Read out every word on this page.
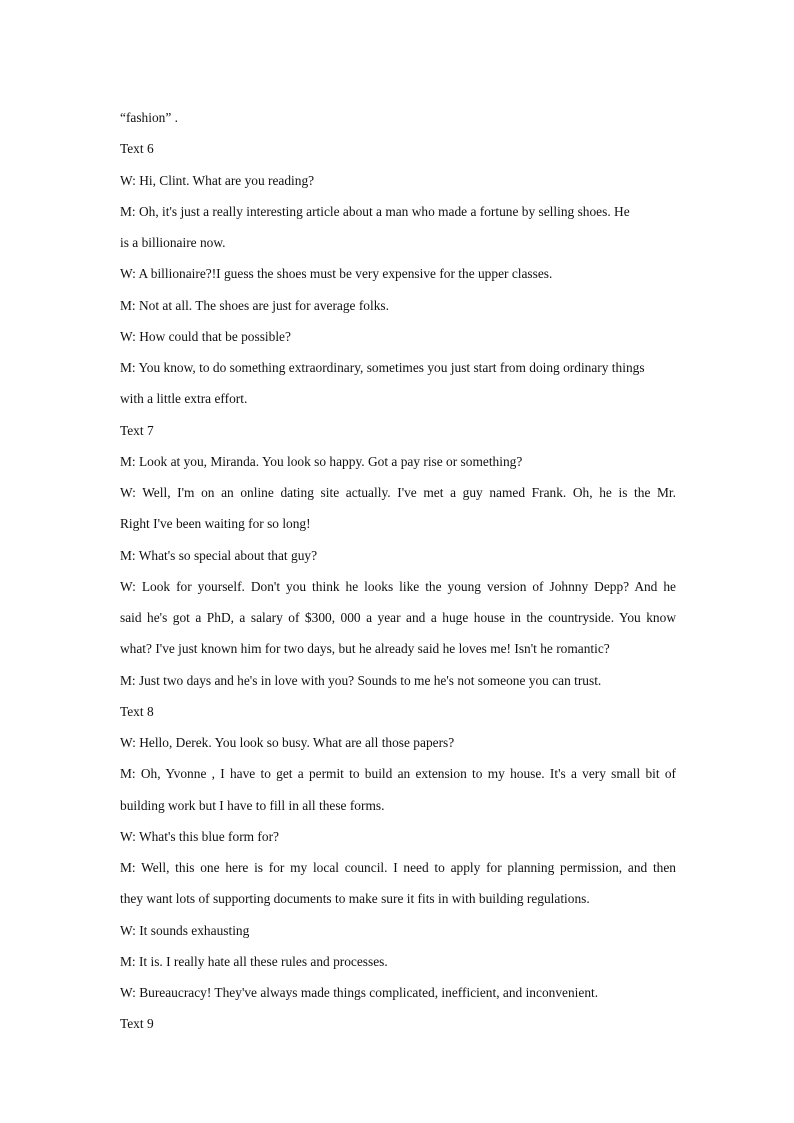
“fashion” .

Text 6

W: Hi, Clint. What are you reading?

M: Oh, it's just a really interesting article about a man who made a fortune by selling shoes. He

is a billionaire now.

W: A billionaire?!I guess the shoes must be very expensive for the upper classes.

M: Not at all. The shoes are just for average folks.

W: How could that be possible?

M: You know, to do something extraordinary, sometimes you just start from doing ordinary things

with a little extra effort.

Text 7

M: Look at you, Miranda. You look so happy. Got a pay rise or something?

W: Well, I'm on an online dating site actually. I've met a guy named Frank. Oh, he is the Mr.

Right I've been waiting for so long!

M: What's so special about that guy?

W: Look for yourself. Don't you think he looks like the young version of Johnny Depp? And he

said he's got a PhD, a salary of $300, 000 a year and a huge house in the countryside. You know

what? I've just known him for two days, but he already said he loves me! Isn't he romantic?

M: Just two days and he's in love with you? Sounds to me he's not someone you can trust.

Text 8

W: Hello, Derek. You look so busy. What are all those papers?

M: Oh, Yvonne , I have to get a permit to build an extension to my house. It's a very small bit of

building work but I have to fill in all these forms.

W: What's this blue form for?

M: Well, this one here is for my local council. I need to apply for planning permission, and then

they want lots of supporting documents to make sure it fits in with building regulations.

W: It sounds exhausting

M: It is. I really hate all these rules and processes.

W: Bureaucracy! They've always made things complicated, inefficient, and inconvenient.

Text 9
